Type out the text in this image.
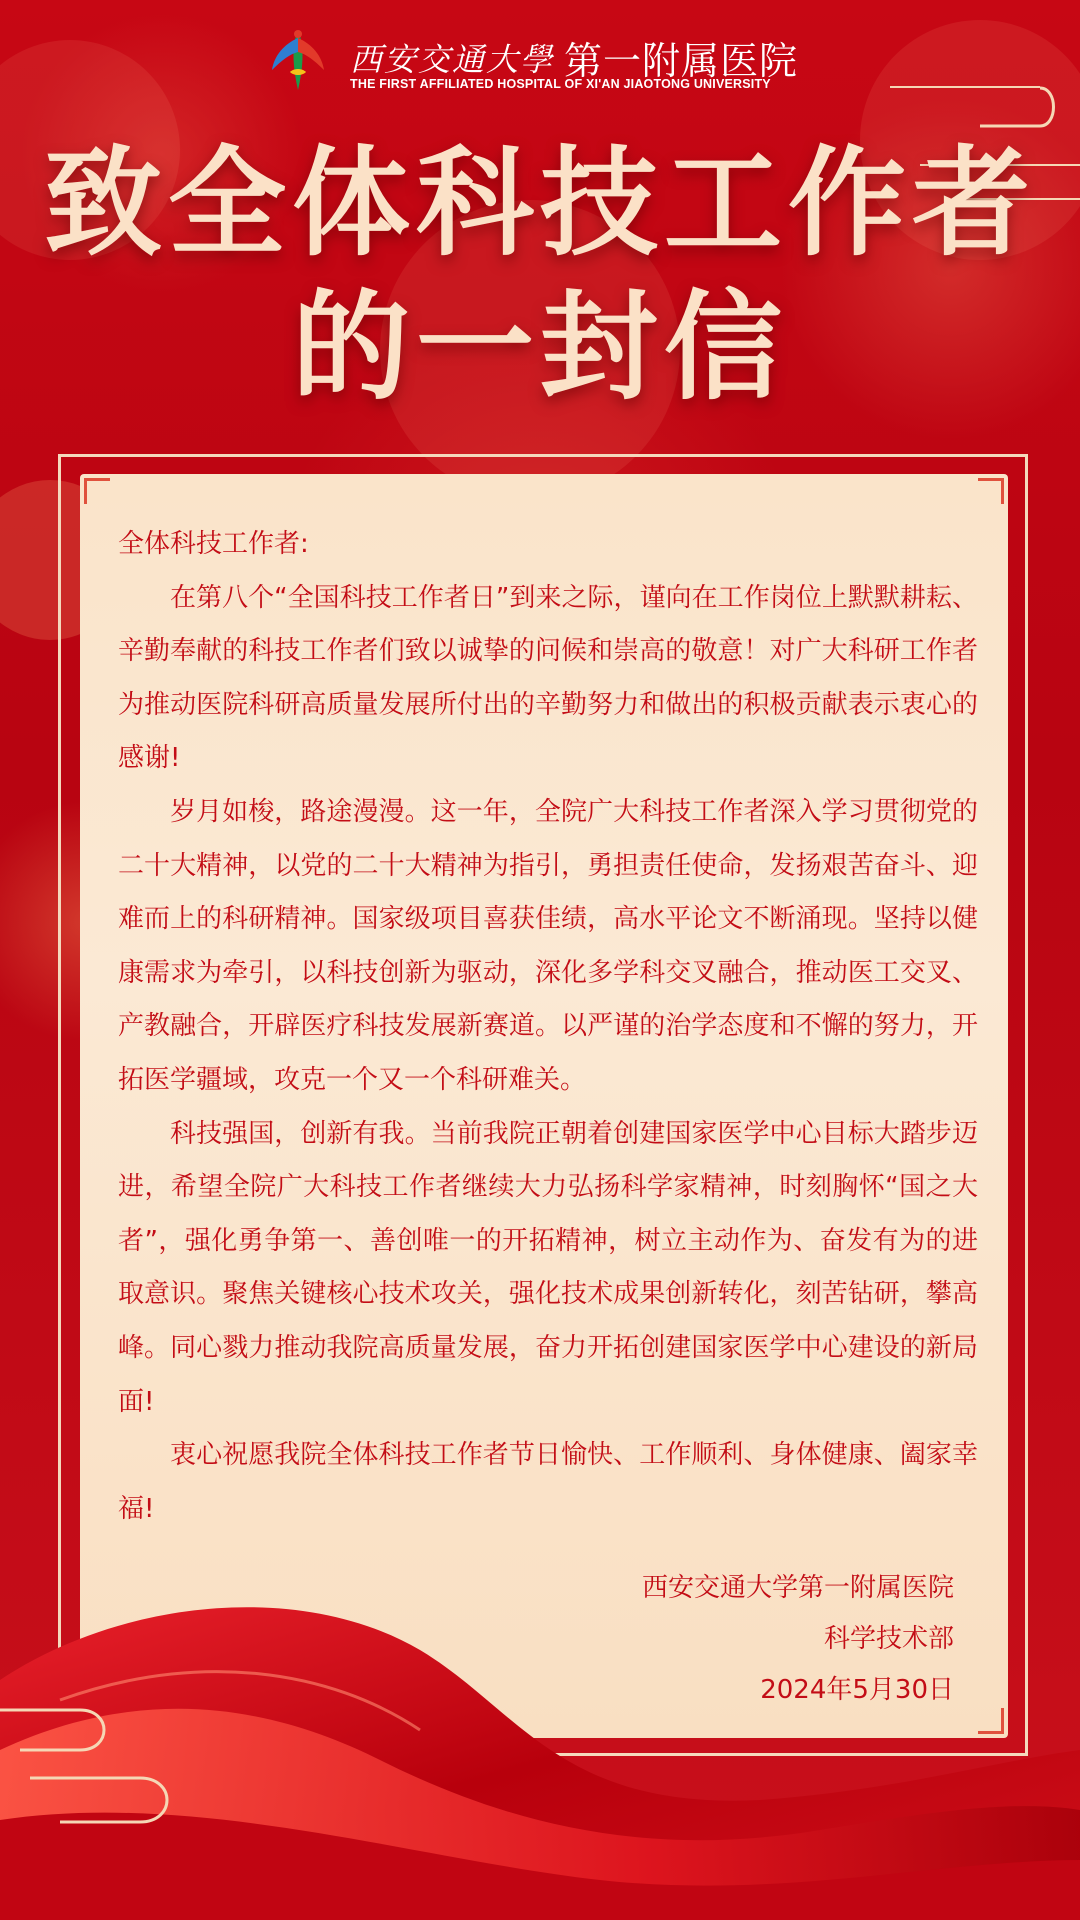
西安交通大學 第一附属医院
THE FIRST AFFILIATED HOSPITAL OF XI'AN JIAOTONG UNIVERSITY
致全体科技工作者
的一封信

全体科技工作者:

在第八个“全国科技工作者日”到来之际，谨向在工作岗位上默默耕耘、辛勤奉献的科技工作者们致以诚挚的问候和崇高的敬意！对广大科研工作者为推动医院科研高质量发展所付出的辛勤努力和做出的积极贡献表示衷心的感谢!

岁月如梭，路途漫漫。这一年，全院广大科技工作者深入学习贯彻党的二十大精神，以党的二十大精神为指引，勇担责任使命，发扬艰苦奋斗、迎难而上的科研精神。国家级项目喜获佳绩，高水平论文不断涌现。坚持以健康需求为牵引，以科技创新为驱动，深化多学科交叉融合，推动医工交叉、产教融合，开辟医疗科技发展新赛道。以严谨的治学态度和不懈的努力，开拓医学疆域，攻克一个又一个科研难关。

科技强国，创新有我。当前我院正朝着创建国家医学中心目标大踏步迈进，希望全院广大科技工作者继续大力弘扬科学家精神，时刻胸怀“国之大者”，强化勇争第一、善创唯一的开拓精神，树立主动作为、奋发有为的进取意识。聚焦关键核心技术攻关，强化技术成果创新转化，刻苦钻研，攀高峰。同心戮力推动我院高质量发展，奋力开拓创建国家医学中心建设的新局面!

衷心祝愿我院全体科技工作者节日愉快、工作顺利、身体健康、阖家幸福!

西安交通大学第一附属医院
科学技术部
2024年5月30日
